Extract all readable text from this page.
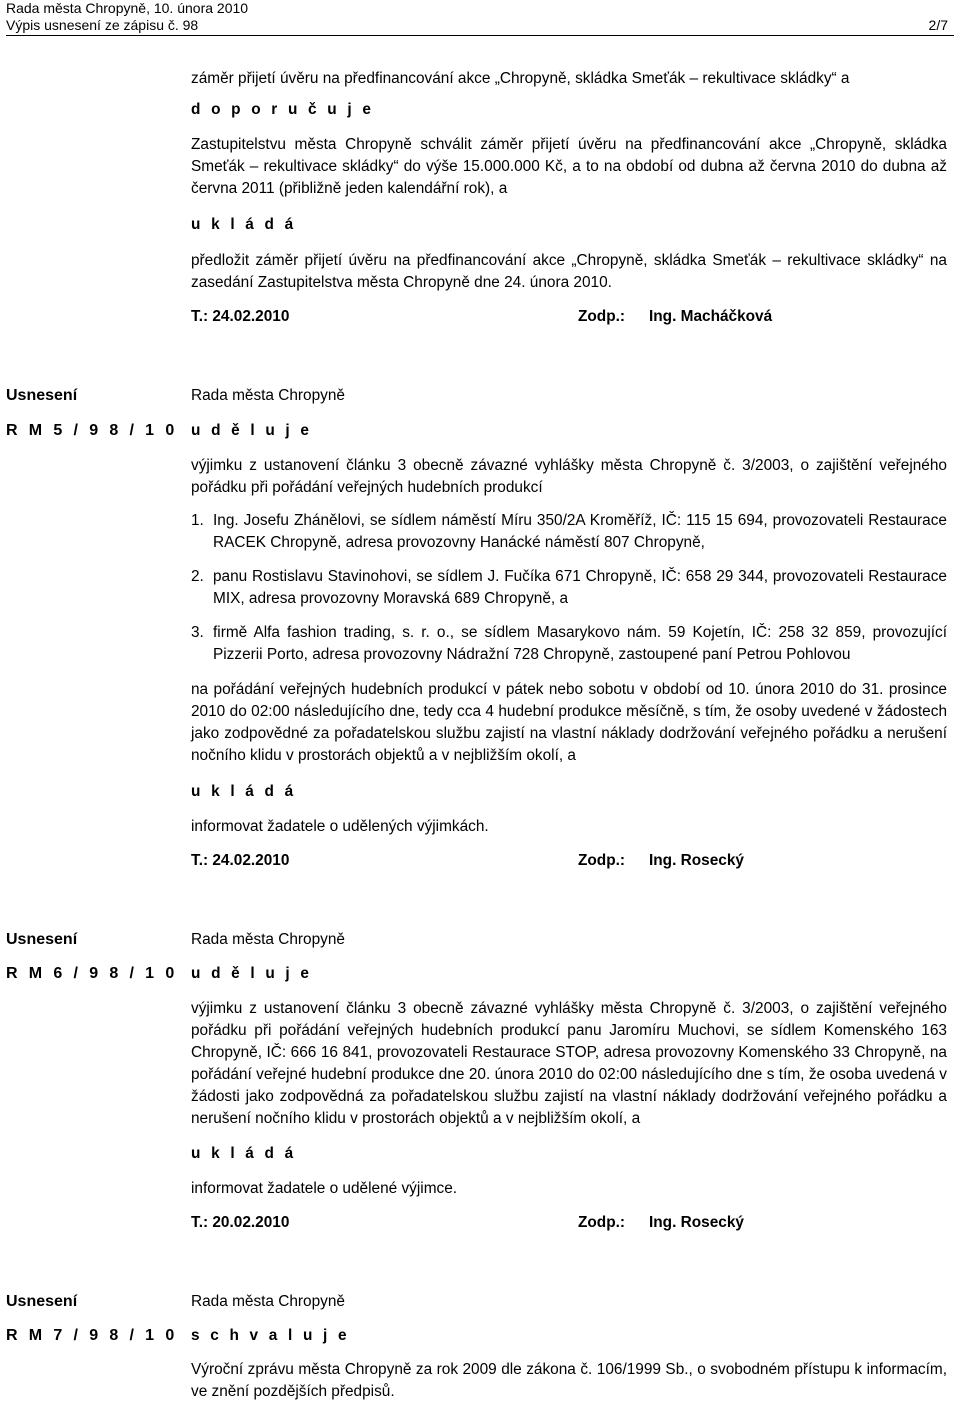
Rada města Chropyně, 10. února 2010
Výpis usnesení ze zápisu č. 98	2/7
záměr přijetí úvěru na předfinancování akce „Chropyně, skládka Smeťák – rekultivace skládky“ a
d o p o r u č u j e
Zastupitelstvu města Chropyně schválit záměr přijetí úvěru na předfinancování akce „Chropyně, skládka Smeťák – rekultivace skládky“ do výše 15.000.000 Kč, a to na období od dubna až června 2010 do dubna až června 2011 (přibližně jeden kalendářní rok), a
u k l á d á
předložit záměr přijetí úvěru na předfinancování akce „Chropyně, skládka Smeťák – rekultivace skládky“ na zasedání Zastupitelstva města Chropyně dne 24. února 2010.
T.: 24.02.2010	Zodp.: Ing. Macháčková
Usnesení
R M 5 / 9 8 / 1 0
Rada města Chropyně
u d ě l u j e
výjimku z ustanovení článku 3 obecně závazné vyhlášky města Chropyně č. 3/2003, o zajištění veřejného pořádku při pořádání veřejných hudebních produkcí
1. Ing. Josefu Zhánělovi, se sídlem náměstí Míru 350/2A Kroměříž, IČ: 115 15 694, provozovateli Restaurace RACEK Chropyně, adresa provozovny Hanácké náměstí 807 Chropyně,
2. panu Rostislavu Stavinohovi, se sídlem J. Fučíka 671 Chropyně, IČ: 658 29 344, provozovateli Restaurace MIX, adresa provozovny Moravská 689 Chropyně, a
3. firmě Alfa fashion trading, s. r. o., se sídlem Masarykovo nám. 59 Kojetín, IČ: 258 32 859, provozující Pizzerii Porto, adresa provozovny Nádražní 728 Chropyně, zastoupené paní Petrou Pohlovou
na pořádání veřejných hudebních produkcí v pátek nebo sobotu v období od 10. února 2010 do 31. prosince 2010 do 02:00 následujícího dne, tedy cca 4 hudební produkce měsíčně, s tím, že osoby uvedené v žádostech jako zodpovědné za pořadatelskou službu zajistí na vlastní náklady dodržování veřejného pořádku a nerušení nočního klidu v prostorách objektů a v nejbližším okolí, a
u k l á d á
informovat žadatele o udělených výjimkách.
T.: 24.02.2010	Zodp.: Ing. Rosecký
Usnesení
R M 6 / 9 8 / 1 0
Rada města Chropyně
u d ě l u j e
výjimku z ustanovení článku 3 obecně závazné vyhlášky města Chropyně č. 3/2003, o zajištění veřejného pořádku při pořádání veřejných hudebních produkcí panu Jaromíru Muchovi, se sídlem Komenského 163 Chropyně, IČ: 666 16 841, provozovateli Restaurace STOP, adresa provozovny Komenského 33 Chropyně, na pořádání veřejné hudební produkce dne 20. února 2010 do 02:00 následujícího dne s tím, že osoba uvedená v žádosti jako zodpovědná za pořadatelskou službu zajistí na vlastní náklady dodržování veřejného pořádku a nerušení nočního klidu v prostorách objektů a v nejbližším okolí, a
u k l á d á
informovat žadatele o udělené výjimce.
T.: 20.02.2010	Zodp.: Ing. Rosecký
Usnesení
R M 7 / 9 8 / 1 0
Rada města Chropyně
s c h v a l u j e
Výroční zprávu města Chropyně za rok 2009 dle zákona č. 106/1999 Sb., o svobodném přístupu k informacím, ve znění pozdějších předpisů.
